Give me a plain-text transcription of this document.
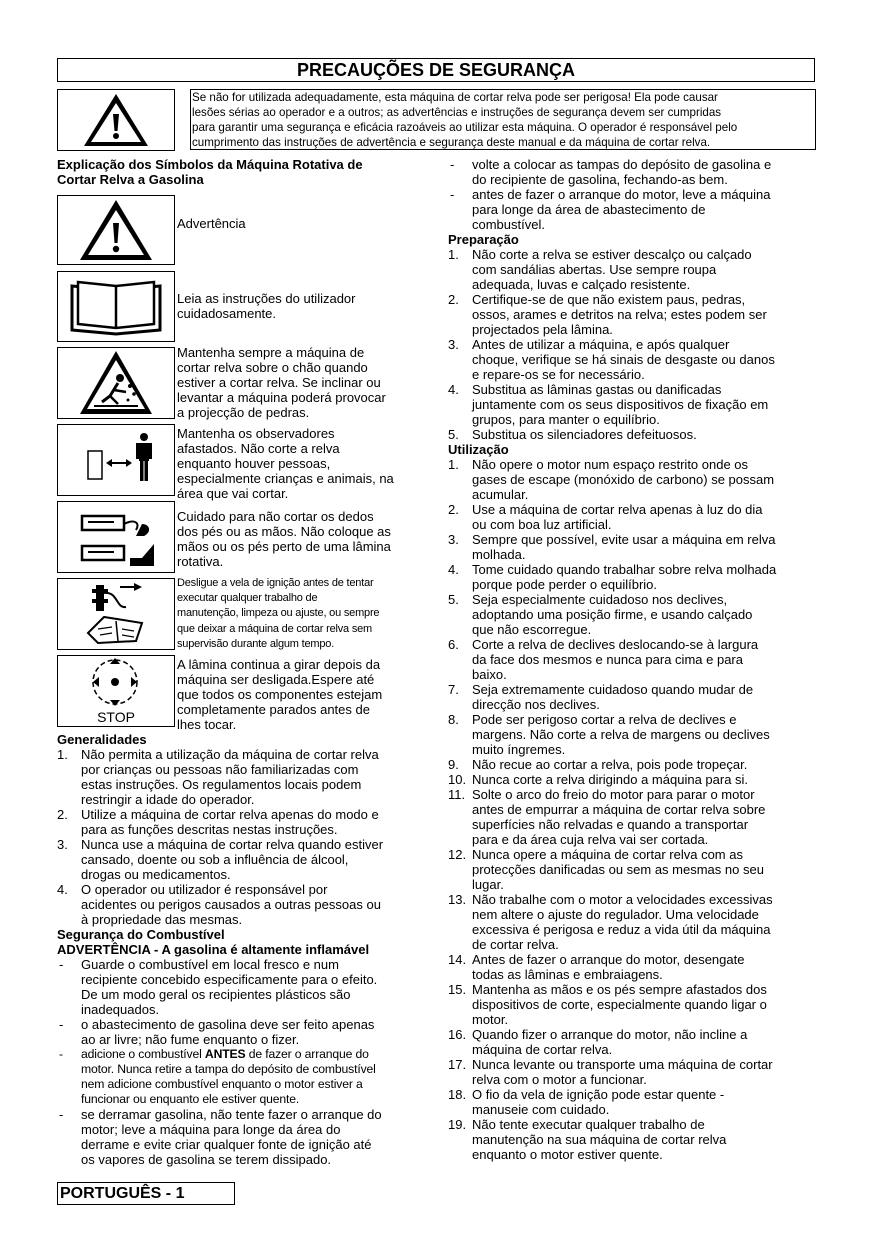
PRECAUÇÕES DE SEGURANÇA
Se não for utilizada adequadamente, esta máquina de cortar relva pode ser perigosa! Ela pode causar
lesões sérias ao operador e a outros; as advertências e instruções de segurança devem ser cumpridas
para garantir uma segurança e eficácia razoáveis ao utilizar esta máquina. O operador é responsável pelo
cumprimento das instruções de advertência e segurança deste manual e da máquina de cortar relva.
Explicação dos Símbolos da Máquina Rotativa de
Cortar Relva a Gasolina
Advertência
Leia as instruções do utilizador
cuidadosamente.
Mantenha sempre a máquina de
cortar relva sobre o chão quando
estiver a cortar relva. Se inclinar ou
levantar a máquina poderá provocar
a projecção de pedras.
Mantenha os observadores
afastados. Não corte a relva
enquanto houver pessoas,
especialmente crianças e animais, na
área que vai cortar.
Cuidado para não cortar os dedos
dos pés ou as mãos. Não coloque as
mãos ou os pés perto de uma lâmina
rotativa.
Desligue a vela de ignição antes de tentar
executar qualquer trabalho de
manutenção, limpeza ou ajuste, ou sempre
que deixar a máquina de cortar relva sem
supervisão durante algum tempo.
STOP
A lâmina continua a girar depois da
máquina ser desligada.Espere até
que todos os componentes estejam
completamente parados antes de
lhes tocar.
Generalidades
1. Não permita a utilização da máquina de cortar relva
por crianças ou pessoas não familiarizadas com
estas instruções. Os regulamentos locais podem
restringir a idade do operador.
2. Utilize a máquina de cortar relva apenas do modo e
para as funções descritas nestas instruções.
3. Nunca use a máquina de cortar relva quando estiver
cansado, doente ou sob a influência de álcool,
drogas ou medicamentos.
4. O operador ou utilizador é responsável por
acidentes ou perigos causados a outras pessoas ou
à propriedade das mesmas.
Segurança do Combustível
ADVERTÊNCIA - A gasolina é altamente inflamável
- Guarde o combustível em local fresco e num
recipiente concebido especificamente para o efeito.
De um modo geral os recipientes plásticos são
inadequados.
- o abastecimento de gasolina deve ser feito apenas
ao ar livre; não fume enquanto o fizer.
- adicione o combustível ANTES de fazer o arranque do
motor. Nunca retire a tampa do depósito de combustível
nem adicione combustível enquanto o motor estiver a
funcionar ou enquanto ele estiver quente.
- se derramar gasolina, não tente fazer o arranque do
motor; leve a máquina para longe da área do
derrame e evite criar qualquer fonte de ignição até
os vapores de gasolina se terem dissipado.
- volte a colocar as tampas do depósito de gasolina e
do recipiente de gasolina, fechando-as bem.
- antes de fazer o arranque do motor, leve a máquina
para longe da área de abastecimento de
combustível.
Preparação
1. Não corte a relva se estiver descalço ou calçado
com sandálias abertas. Use sempre roupa
adequada, luvas e calçado resistente.
2. Certifique-se de que não existem paus, pedras,
ossos, arames e detritos na relva; estes podem ser
projectados pela lâmina.
3. Antes de utilizar a máquina, e após qualquer
choque, verifique se há sinais de desgaste ou danos
e repare-os se for necessário.
4. Substitua as lâminas gastas ou danificadas
juntamente com os seus dispositivos de fixação em
grupos, para manter o equilíbrio.
5. Substitua os silenciadores defeituosos.
Utilização
1. Não opere o motor num espaço restrito onde os
gases de escape (monóxido de carbono) se possam
acumular.
2. Use a máquina de cortar relva apenas à luz do dia
ou com boa luz artificial.
3. Sempre que possível, evite usar a máquina em relva
molhada.
4. Tome cuidado quando trabalhar sobre relva molhada
porque pode perder o equilíbrio.
5. Seja especialmente cuidadoso nos declives,
adoptando uma posição firme, e usando calçado
que não escorregue.
6. Corte a relva de declives deslocando-se à largura
da face dos mesmos e nunca para cima e para
baixo.
7. Seja extremamente cuidadoso quando mudar de
direcção nos declives.
8. Pode ser perigoso cortar a relva de declives e
margens. Não corte a relva de margens ou declives
muito íngremes.
9. Não recue ao cortar a relva, pois pode tropeçar.
10. Nunca corte a relva dirigindo a máquina para si.
11. Solte o arco do freio do motor para parar o motor
antes de empurrar a máquina de cortar relva sobre
superfícies não relvadas e quando a transportar
para e da área cuja relva vai ser cortada.
12. Nunca opere a máquina de cortar relva com as
protecções danificadas ou sem as mesmas no seu
lugar.
13. Não trabalhe com o motor a velocidades excessivas
nem altere o ajuste do regulador. Uma velocidade
excessiva é perigosa e reduz a vida útil da máquina
de cortar relva.
14. Antes de fazer o arranque do motor, desengate
todas as lâminas e embraiagens.
15. Mantenha as mãos e os pés sempre afastados dos
dispositivos de corte, especialmente quando ligar o
motor.
16. Quando fizer o arranque do motor, não incline a
máquina de cortar relva.
17. Nunca levante ou transporte uma máquina de cortar
relva com o motor a funcionar.
18. O fio da vela de ignição pode estar quente -
manuseie com cuidado.
19. Não tente executar qualquer trabalho de
manutenção na sua máquina de cortar relva
enquanto o motor estiver quente.
PORTUGUÊS - 1
